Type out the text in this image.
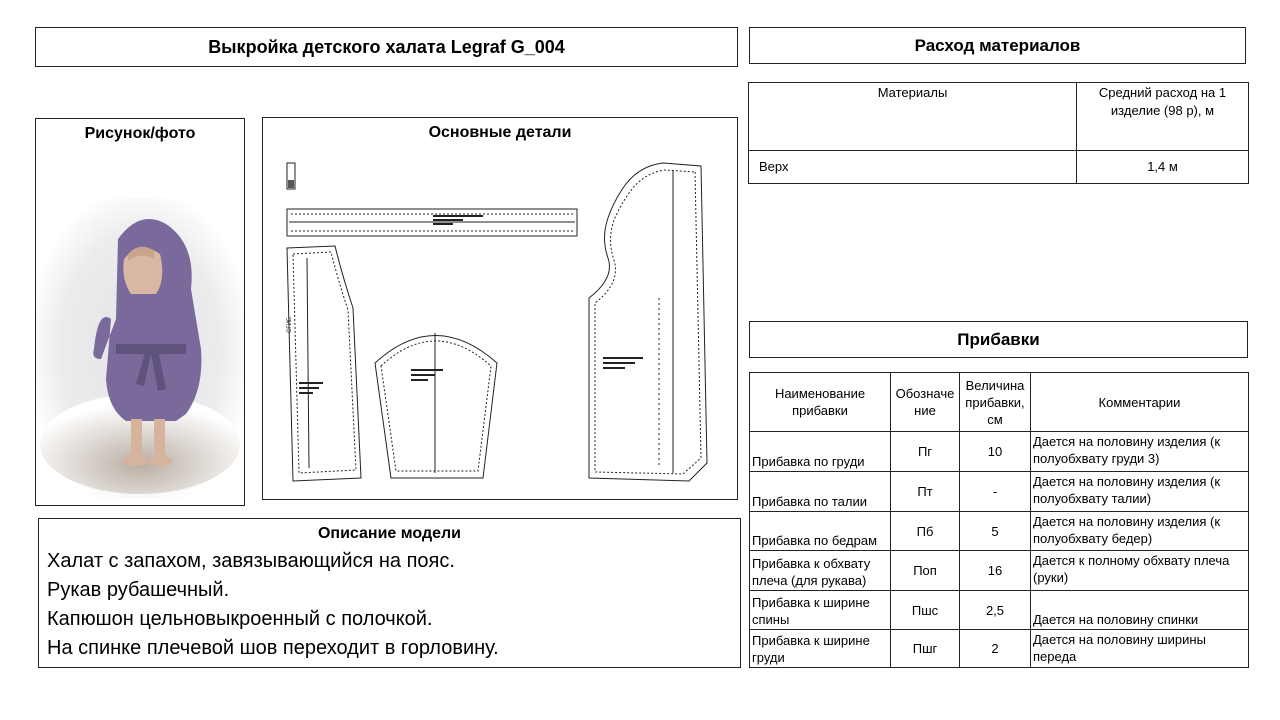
Выкройка детского халата Legraf G_004
Рисунок/фото	Основные детали
СГИБ
Описание модели
Халат с запахом, завязывающийся на пояс.
Рукав рубашечный.
Капюшон цельновыкроенный с полочкой.
На спинке плечевой шов переходит в горловину.
Расход материалов
Материалы	Средний расход на 1 изделие (98 р), м
Верх	1,4 м
Прибавки
Наименование прибавки	Обозначение	Величина прибавки, см	Комментарии
Прибавка по груди	Пг	10	Дается на половину изделия (к полуобхвату груди 3)
Прибавка по талии	Пт	-	Дается на половину изделия (к полуобхвату талии)
Прибавка по бедрам	Пб	5	Дается на половину изделия (к полуобхвату бедер)
Прибавка к обхвату плеча (для рукава)	Поп	16	Дается к полному обхвату плеча (руки)
Прибавка к ширине спины	Пшс	2,5	Дается на половину спинки
Прибавка к ширине груди	Пшг	2	Дается на половину ширины переда
